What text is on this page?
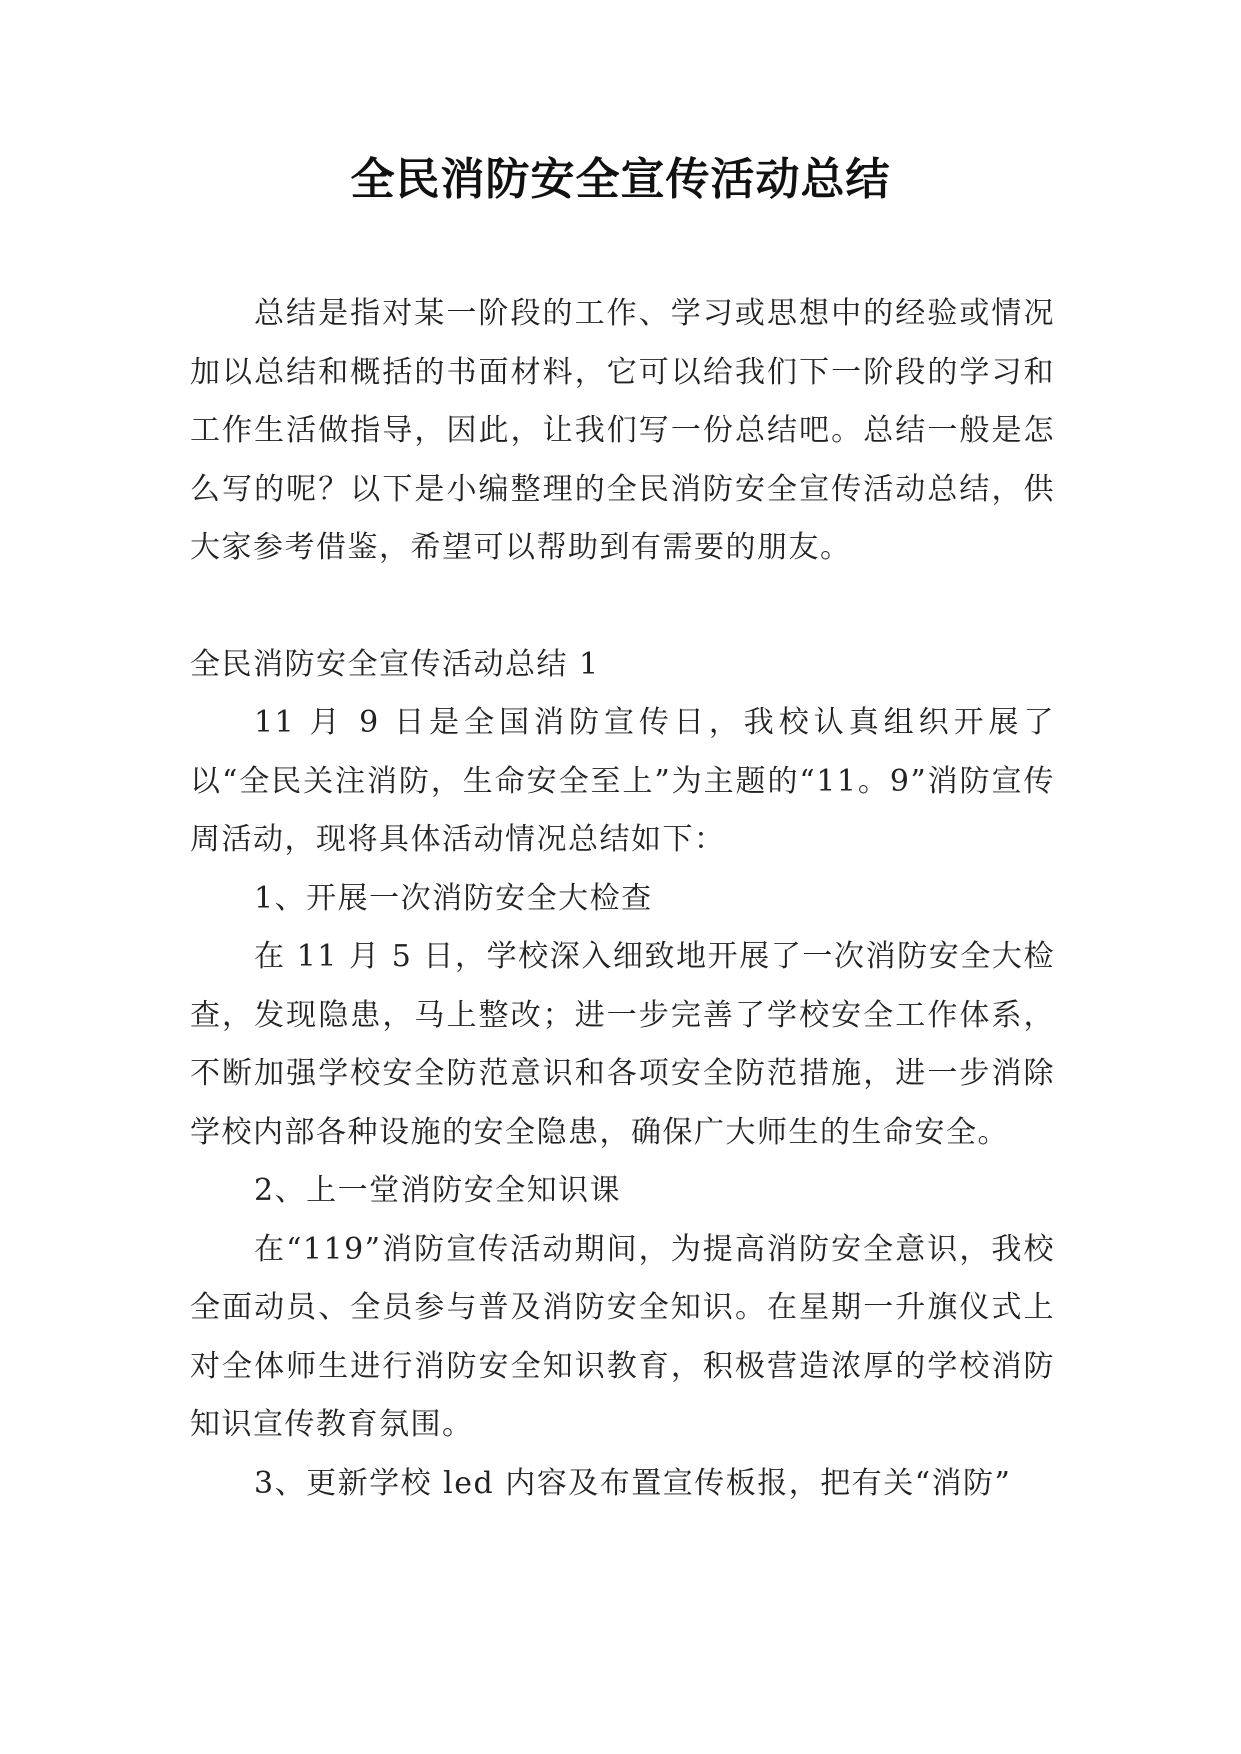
全民消防安全宣传活动总结

总结是指对某一阶段的工作、学习或思想中的经验或情况加以总结和概括的书面材料，它可以给我们下一阶段的学习和工作生活做指导，因此，让我们写一份总结吧。总结一般是怎么写的呢？以下是小编整理的全民消防安全宣传活动总结，供大家参考借鉴，希望可以帮助到有需要的朋友。

全民消防安全宣传活动总结 1

11 月 9 日是全国消防宣传日，我校认真组织开展了以“全民关注消防，生命安全至上”为主题的“11。9”消防宣传周活动，现将具体活动情况总结如下：

1、开展一次消防安全大检查

在 11 月 5 日，学校深入细致地开展了一次消防安全大检查，发现隐患，马上整改；进一步完善了学校安全工作体系，不断加强学校安全防范意识和各项安全防范措施，进一步消除学校内部各种设施的安全隐患，确保广大师生的生命安全。

2、上一堂消防安全知识课

在“119”消防宣传活动期间，为提高消防安全意识，我校全面动员、全员参与普及消防安全知识。在星期一升旗仪式上对全体师生进行消防安全知识教育，积极营造浓厚的学校消防知识宣传教育氛围。

3、更新学校 led 内容及布置宣传板报，把有关“消防”
